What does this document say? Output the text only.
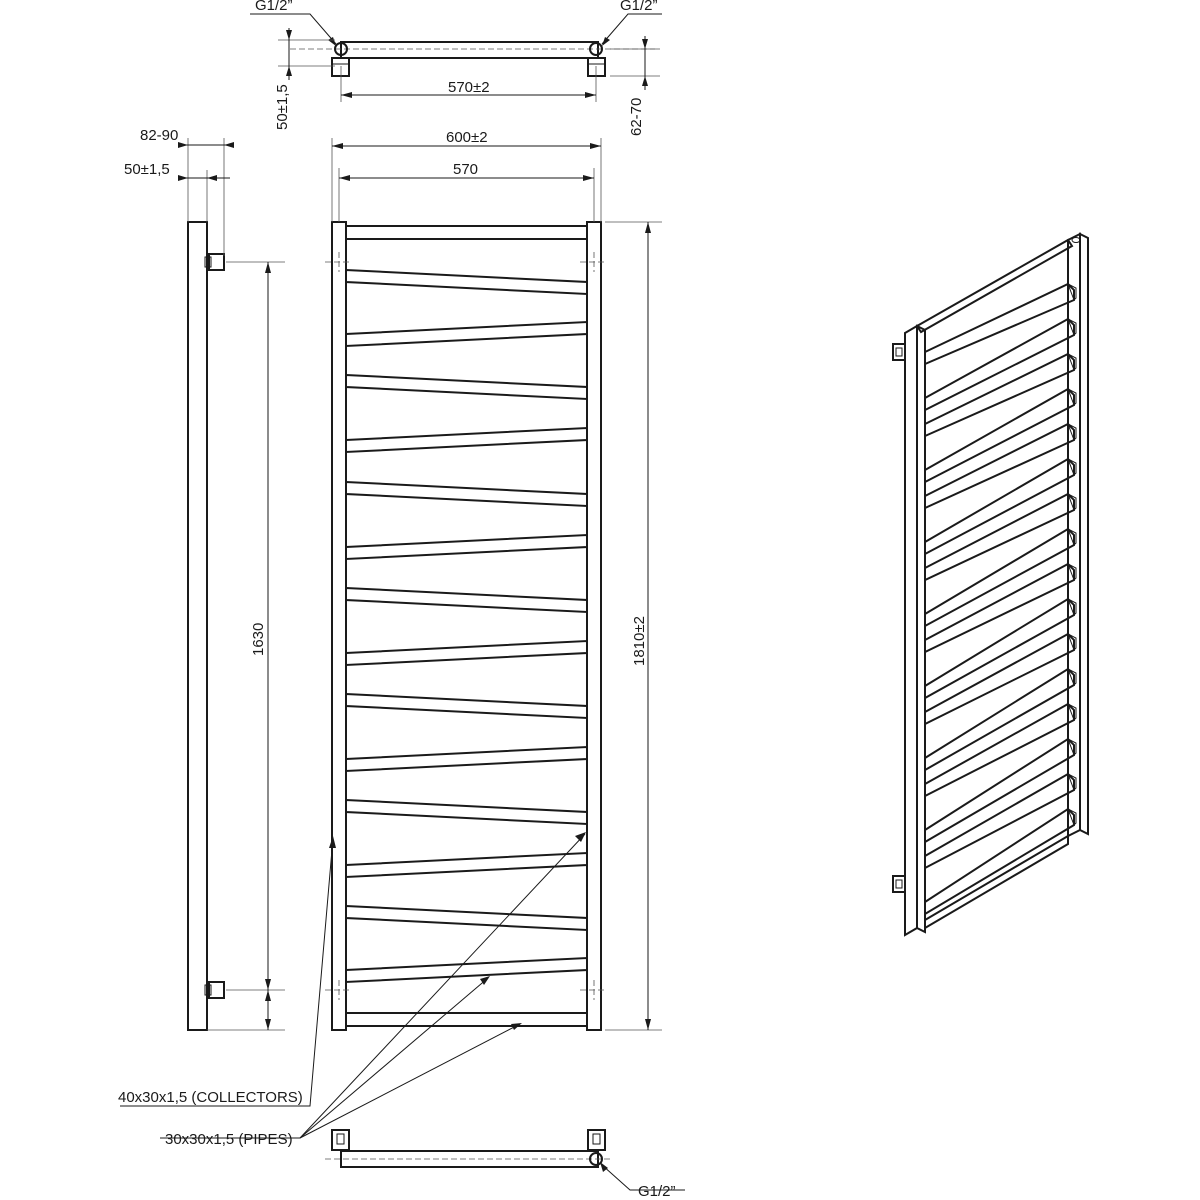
G1/2”	G1/2”
570±2
50±1,5	62-70
82-90
50±1,5
1630
600±2
570
1810±2
40x30x1,5 (COLLECTORS)
30x30x1,5 (PIPES)
G1/2”
